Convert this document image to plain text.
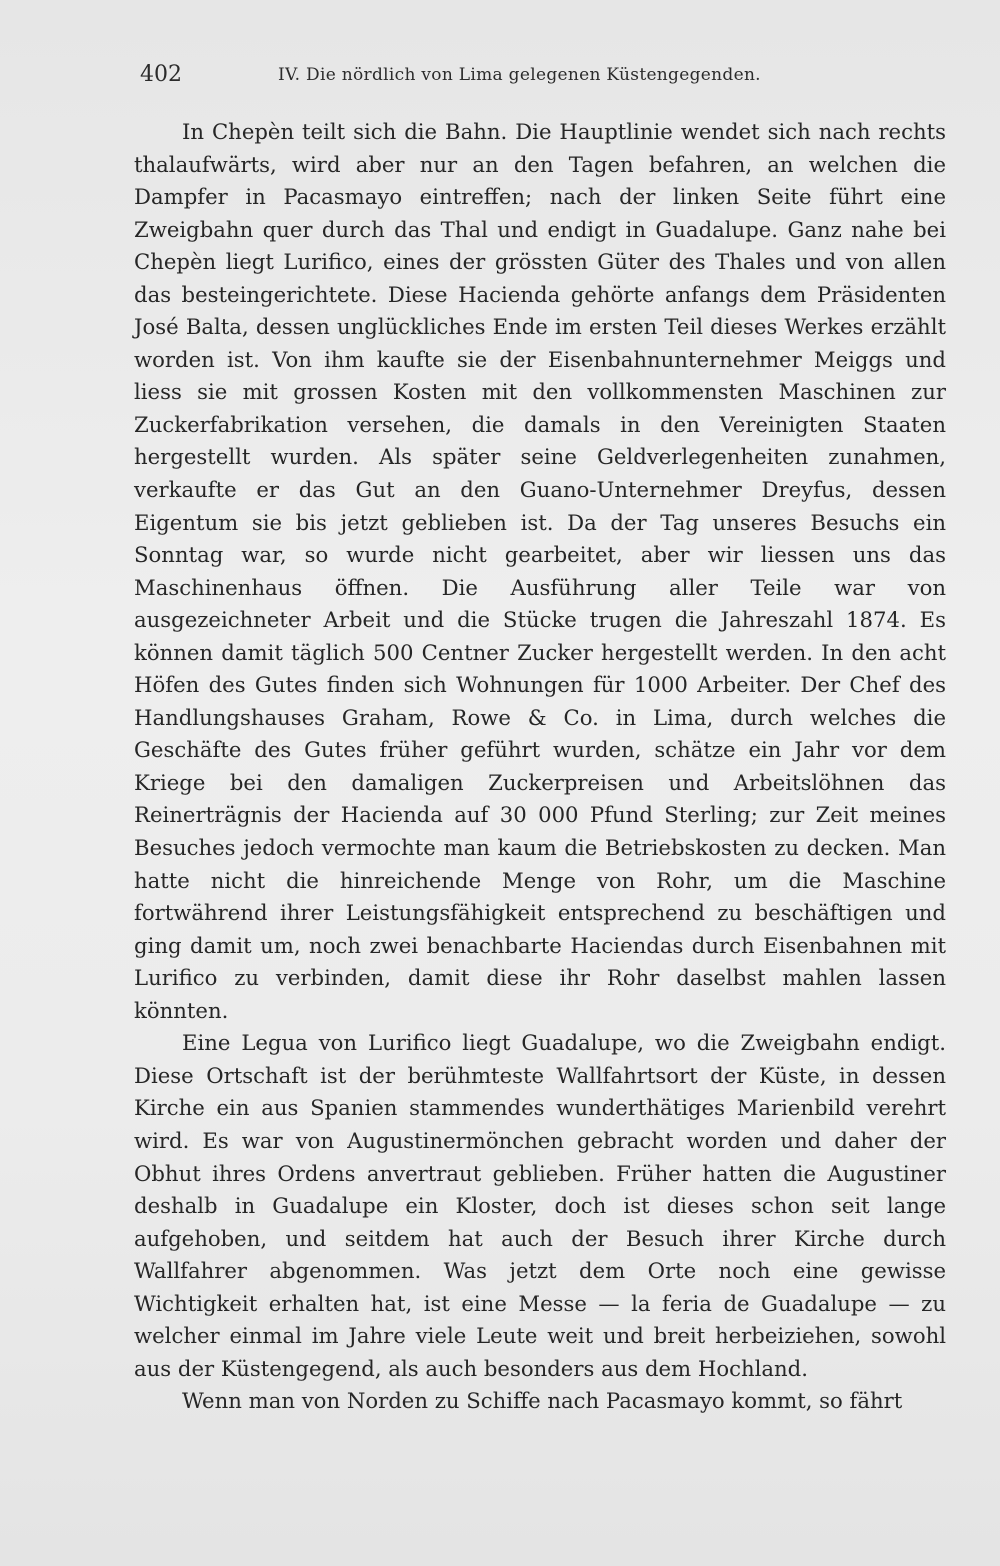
402	IV. Die nördlich von Lima gelegenen Küstengegenden.

In Chepèn teilt sich die Bahn. Die Hauptlinie wendet sich nach rechts thalaufwärts, wird aber nur an den Tagen befahren, an welchen die Dampfer in Pacasmayo eintreffen; nach der linken Seite führt eine Zweigbahn quer durch das Thal und endigt in Guadalupe. Ganz nahe bei Chepèn liegt Lurifico, eines der grössten Güter des Thales und von allen das besteingerichtete. Diese Hacienda gehörte anfangs dem Präsidenten José Balta, dessen unglückliches Ende im ersten Teil dieses Werkes erzählt worden ist. Von ihm kaufte sie der Eisenbahnunternehmer Meiggs und liess sie mit grossen Kosten mit den vollkommensten Maschinen zur Zuckerfabrikation versehen, die damals in den Vereinigten Staaten hergestellt wurden. Als später seine Geldverlegenheiten zunahmen, verkaufte er das Gut an den Guano-Unternehmer Dreyfus, dessen Eigentum sie bis jetzt geblieben ist. Da der Tag unseres Besuchs ein Sonntag war, so wurde nicht gearbeitet, aber wir liessen uns das Maschinenhaus öffnen. Die Ausführung aller Teile war von ausgezeichneter Arbeit und die Stücke trugen die Jahreszahl 1874. Es können damit täglich 500 Centner Zucker hergestellt werden. In den acht Höfen des Gutes finden sich Wohnungen für 1000 Arbeiter. Der Chef des Handlungshauses Graham, Rowe & Co. in Lima, durch welches die Geschäfte des Gutes früher geführt wurden, schätze ein Jahr vor dem Kriege bei den damaligen Zuckerpreisen und Arbeitslöhnen das Reinerträgnis der Hacienda auf 30 000 Pfund Sterling; zur Zeit meines Besuches jedoch vermochte man kaum die Betriebskosten zu decken. Man hatte nicht die hinreichende Menge von Rohr, um die Maschine fortwährend ihrer Leistungsfähigkeit entsprechend zu beschäftigen und ging damit um, noch zwei benachbarte Haciendas durch Eisenbahnen mit Lurifico zu verbinden, damit diese ihr Rohr daselbst mahlen lassen könnten.

Eine Legua von Lurifico liegt Guadalupe, wo die Zweigbahn endigt. Diese Ortschaft ist der berühmteste Wallfahrtsort der Küste, in dessen Kirche ein aus Spanien stammendes wunderthätiges Marienbild verehrt wird. Es war von Augustinermönchen gebracht worden und daher der Obhut ihres Ordens anvertraut geblieben. Früher hatten die Augustiner deshalb in Guadalupe ein Kloster, doch ist dieses schon seit lange aufgehoben, und seitdem hat auch der Besuch ihrer Kirche durch Wallfahrer abgenommen. Was jetzt dem Orte noch eine gewisse Wichtigkeit erhalten hat, ist eine Messe — la feria de Guadalupe — zu welcher einmal im Jahre viele Leute weit und breit herbeiziehen, sowohl aus der Küstengegend, als auch besonders aus dem Hochland.

Wenn man von Norden zu Schiffe nach Pacasmayo kommt, so fährt
